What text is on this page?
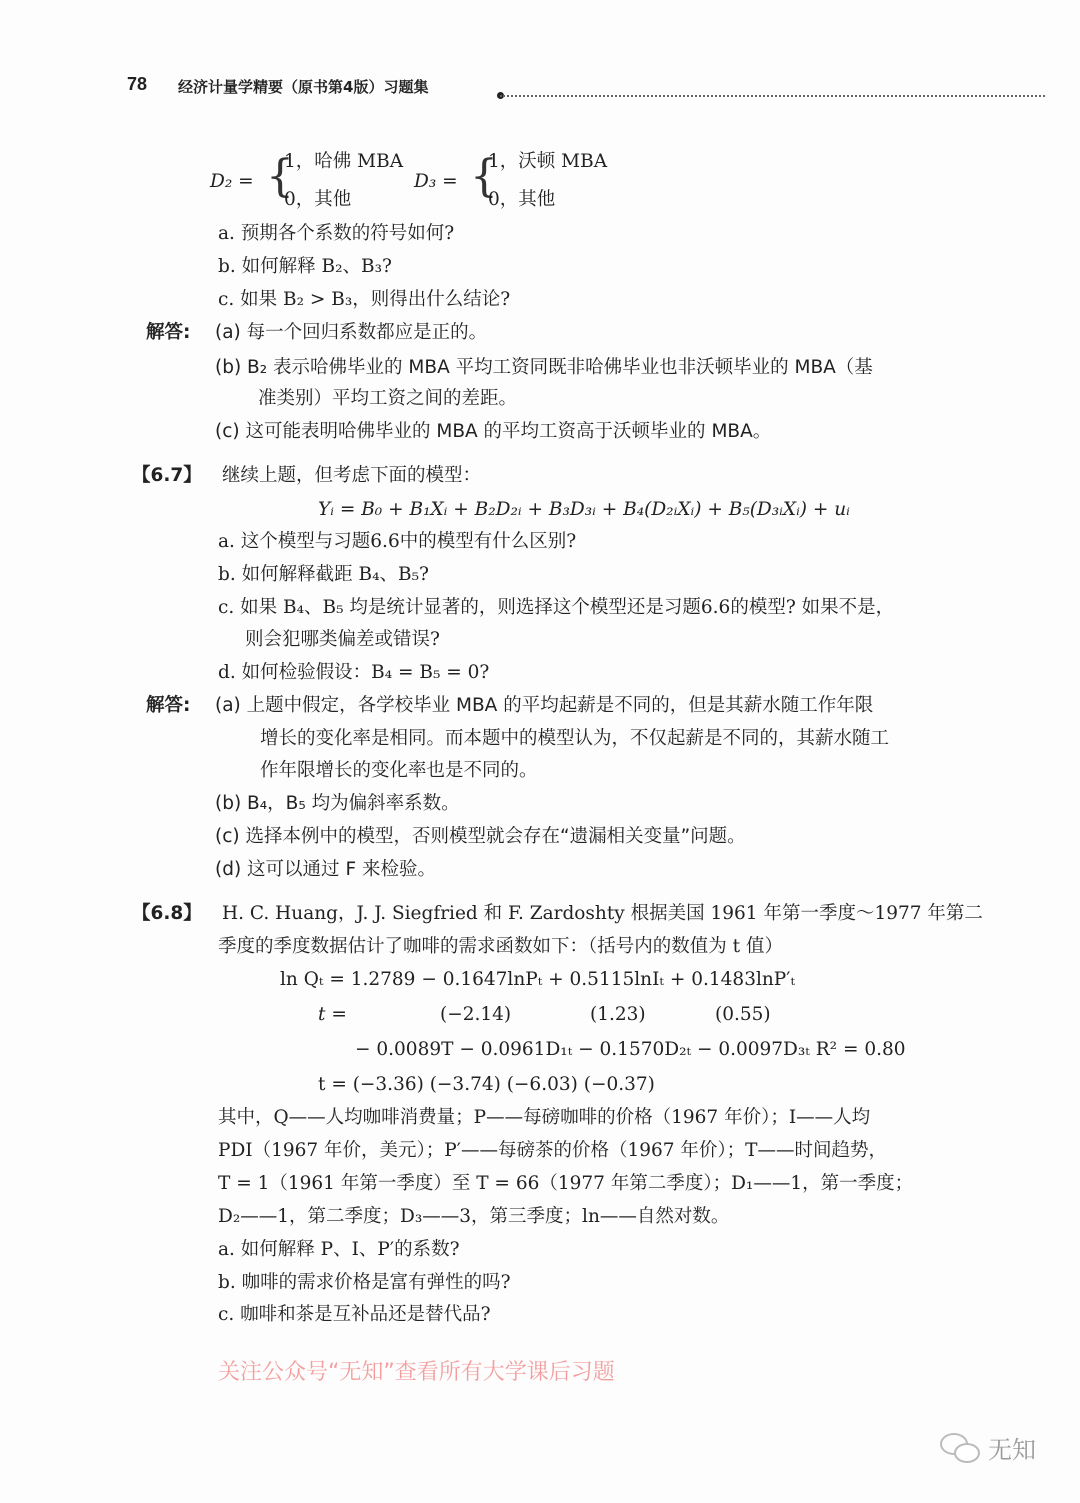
78 经济计量学精要（原书第4版）习题集
D₂ = {
1，哈佛 MBA
0，其他
D₃ = {
1，沃顿 MBA
0，其他
a. 预期各个系数的符号如何?
b. 如何解释 B₂、B₃?
c. 如果 B₂ > B₃，则得出什么结论?
解答: (a) 每一个回归系数都应是正的。
(b) B₂ 表示哈佛毕业的 MBA 平均工资同既非哈佛毕业也非沃顿毕业的 MBA（基
准类别）平均工资之间的差距。
(c) 这可能表明哈佛毕业的 MBA 的平均工资高于沃顿毕业的 MBA。
【6.7】 继续上题，但考虑下面的模型：
Yᵢ = B₀ + B₁Xᵢ + B₂D₂ᵢ + B₃D₃ᵢ + B₄(D₂ᵢXᵢ) + B₅(D₃ᵢXᵢ) + uᵢ
a. 这个模型与习题6.6中的模型有什么区别?
b. 如何解释截距 B₄、B₅?
c. 如果 B₄、B₅ 均是统计显著的，则选择这个模型还是习题6.6的模型? 如果不是，
则会犯哪类偏差或错误?
d. 如何检验假设：B₄ = B₅ = 0?
解答: (a) 上题中假定，各学校毕业 MBA 的平均起薪是不同的，但是其薪水随工作年限
增长的变化率是相同。而本题中的模型认为，不仅起薪是不同的，其薪水随工
作年限增长的变化率也是不同的。
(b) B₄，B₅ 均为偏斜率系数。
(c) 选择本例中的模型，否则模型就会存在“遗漏相关变量”问题。
(d) 这可以通过 F 来检验。
【6.8】 H. C. Huang，J. J. Siegfried 和 F. Zardoshty 根据美国 1961 年第一季度～1977 年第二
季度的季度数据估计了咖啡的需求函数如下：（括号内的数值为 t 值）
ln Qₜ = 1.2789 − 0.1647lnPₜ + 0.5115lnIₜ + 0.1483lnP′ₜ
t =	(−2.14)	(1.23)	(0.55)
− 0.0089T − 0.0961D₁ₜ − 0.1570D₂ₜ − 0.0097D₃ₜ R² = 0.80
t = (−3.36) (−3.74) (−6.03) (−0.37)
其中，Q——人均咖啡消费量；P——每磅咖啡的价格（1967 年价）；I——人均
PDI（1967 年价，美元）；P′——每磅茶的价格（1967 年价）；T——时间趋势，
T = 1（1961 年第一季度）至 T = 66（1977 年第二季度）；D₁——1，第一季度；
D₂——1，第二季度；D₃——3，第三季度；ln——自然对数。
a. 如何解释 P、I、P′的系数?
b. 咖啡的需求价格是富有弹性的吗?
c. 咖啡和茶是互补品还是替代品?
关注公众号“无知”查看所有大学课后习题
无知
